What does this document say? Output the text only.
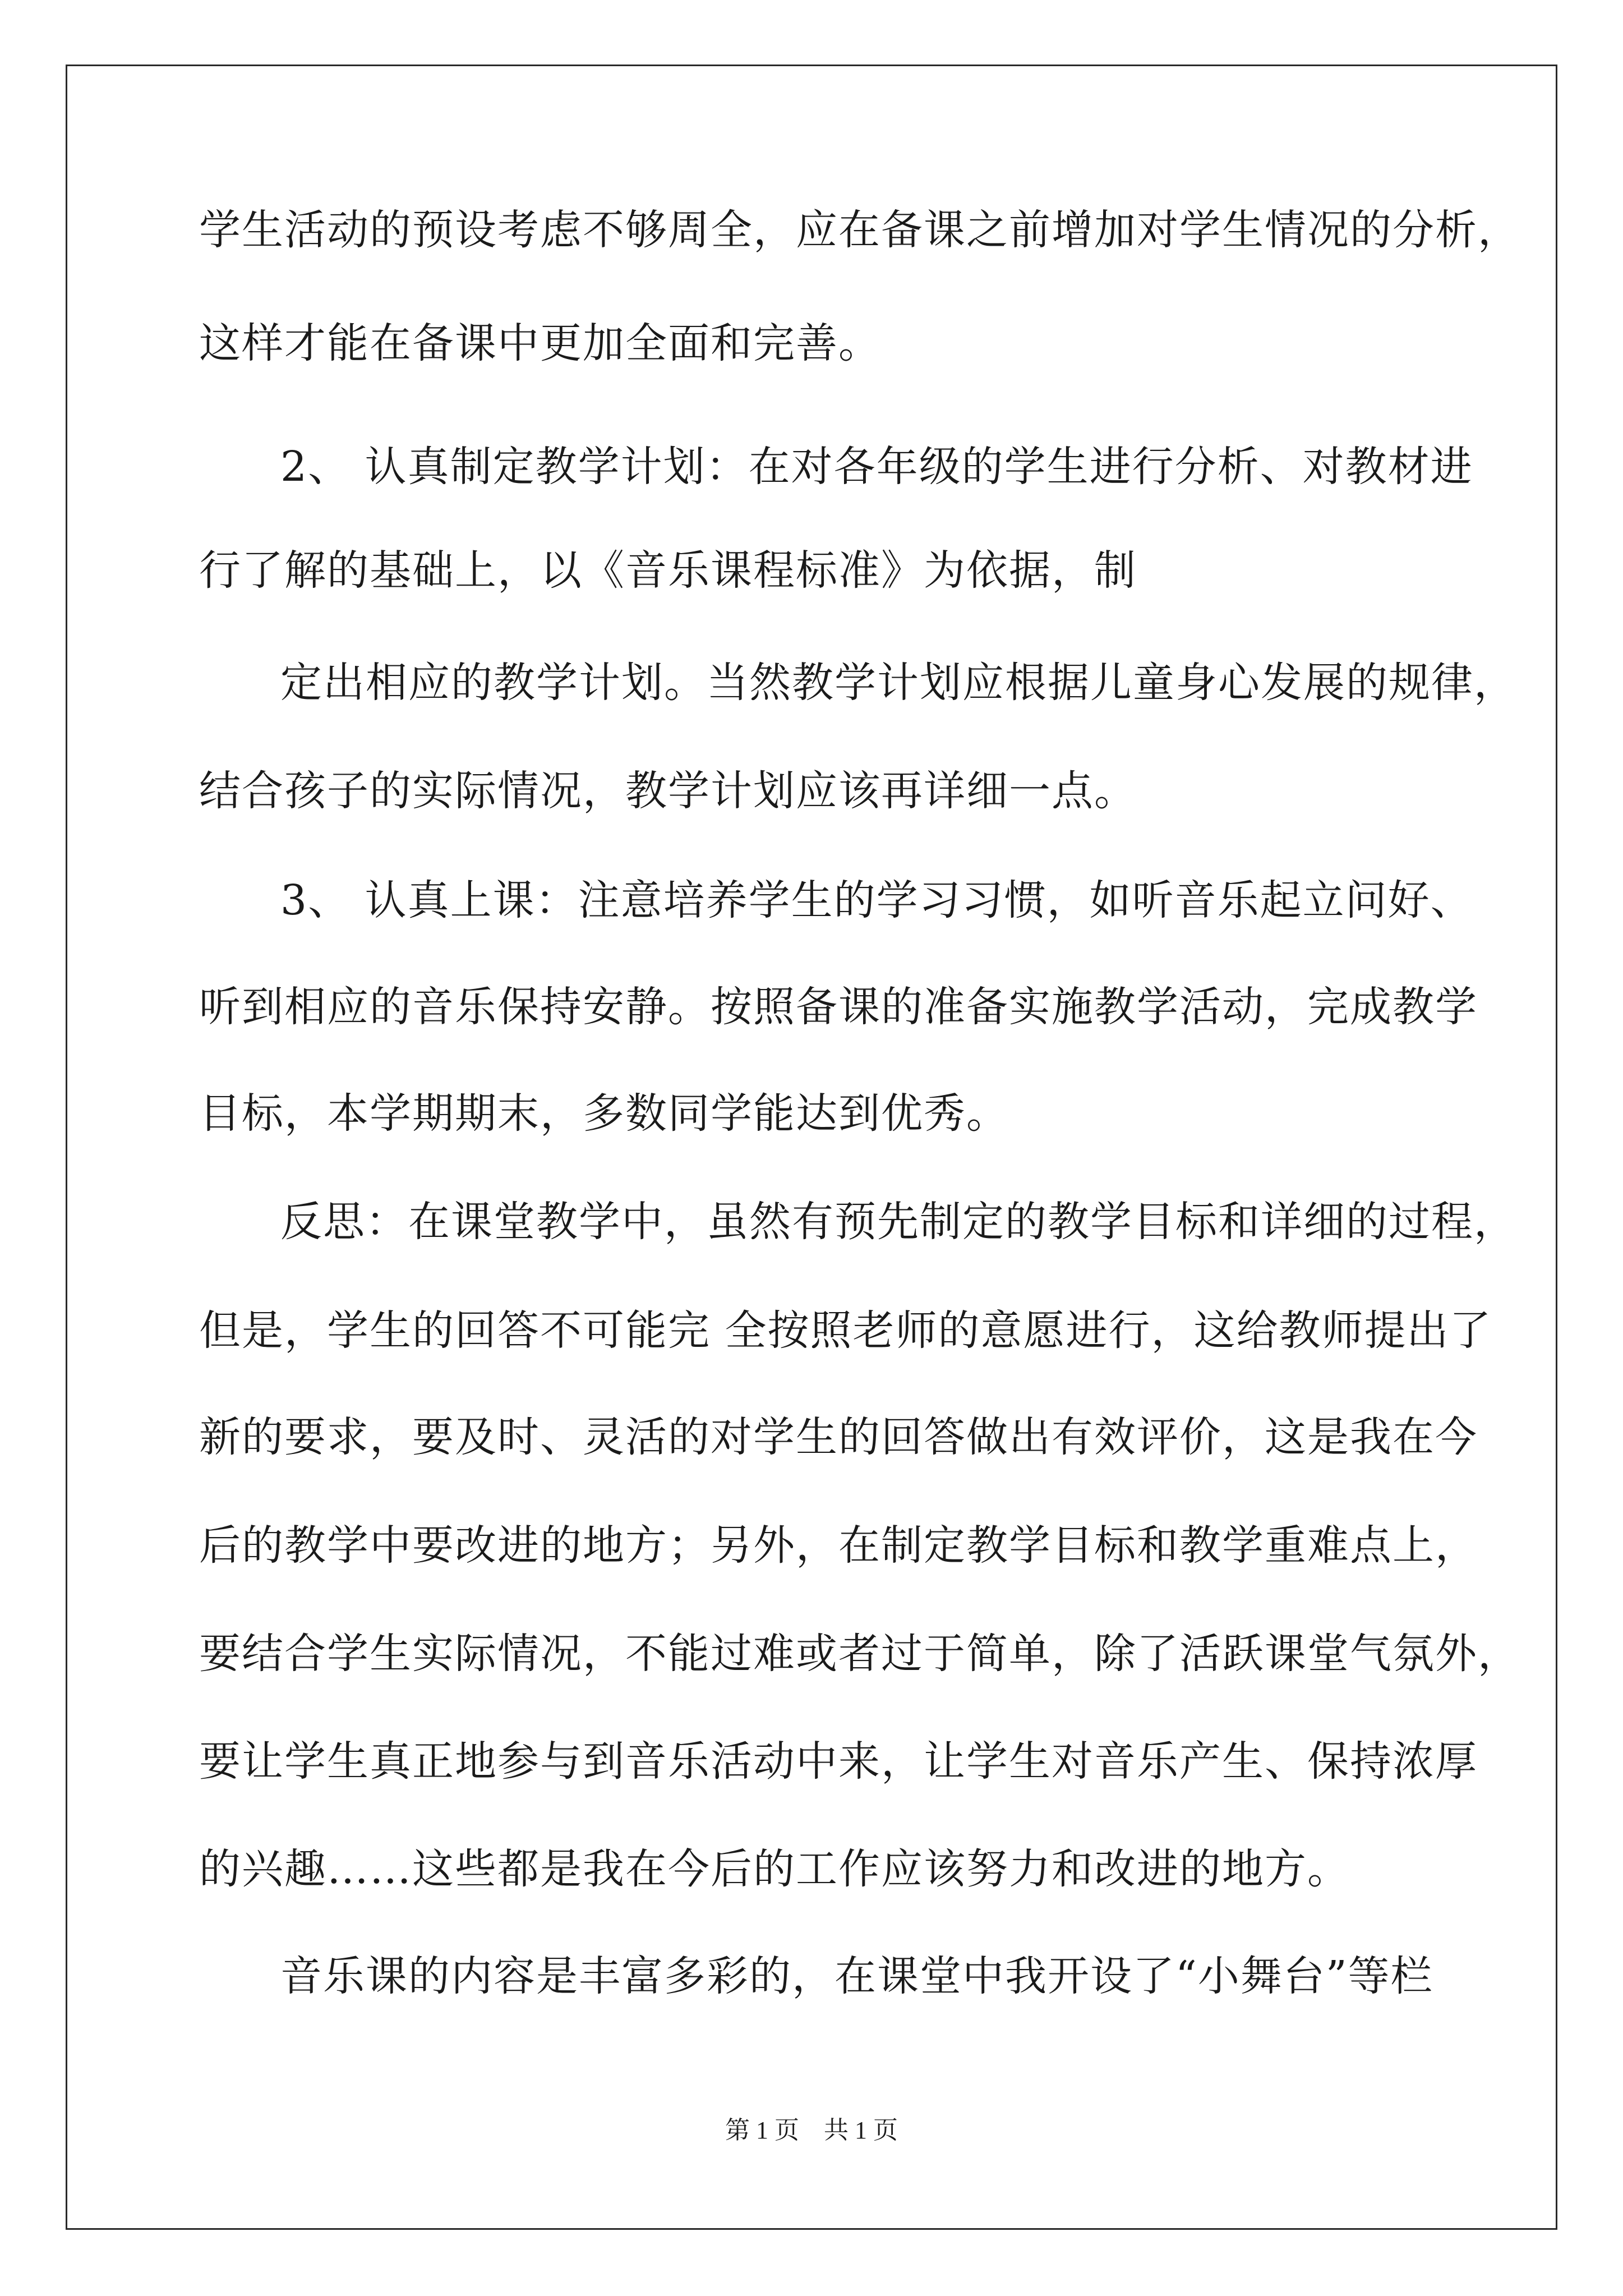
学生活动的预设考虑不够周全，应在备课之前增加对学生情况的分析，
这样才能在备课中更加全面和完善。
2、 认真制定教学计划：在对各年级的学生进行分析、对教材进
行了解的基础上，以《音乐课程标准》为依据，制
定出相应的教学计划。当然教学计划应根据儿童身心发展的规律，
结合孩子的实际情况，教学计划应该再详细一点。
3、 认真上课：注意培养学生的学习习惯，如听音乐起立问好、
听到相应的音乐保持安静。按照备课的准备实施教学活动，完成教学
目标，本学期期末，多数同学能达到优秀。
反思：在课堂教学中，虽然有预先制定的教学目标和详细的过程，
但是，学生的回答不可能完 全按照老师的意愿进行，这给教师提出了
新的要求，要及时、灵活的对学生的回答做出有效评价，这是我在今
后的教学中要改进的地方；另外，在制定教学目标和教学重难点上，
要结合学生实际情况，不能过难或者过于简单，除了活跃课堂气氛外，
要让学生真正地参与到音乐活动中来，让学生对音乐产生、保持浓厚
的兴趣……这些都是我在今后的工作应该努力和改进的地方。
音乐课的内容是丰富多彩的，在课堂中我开设了“小舞台”等栏
第 1 页　共 1 页
